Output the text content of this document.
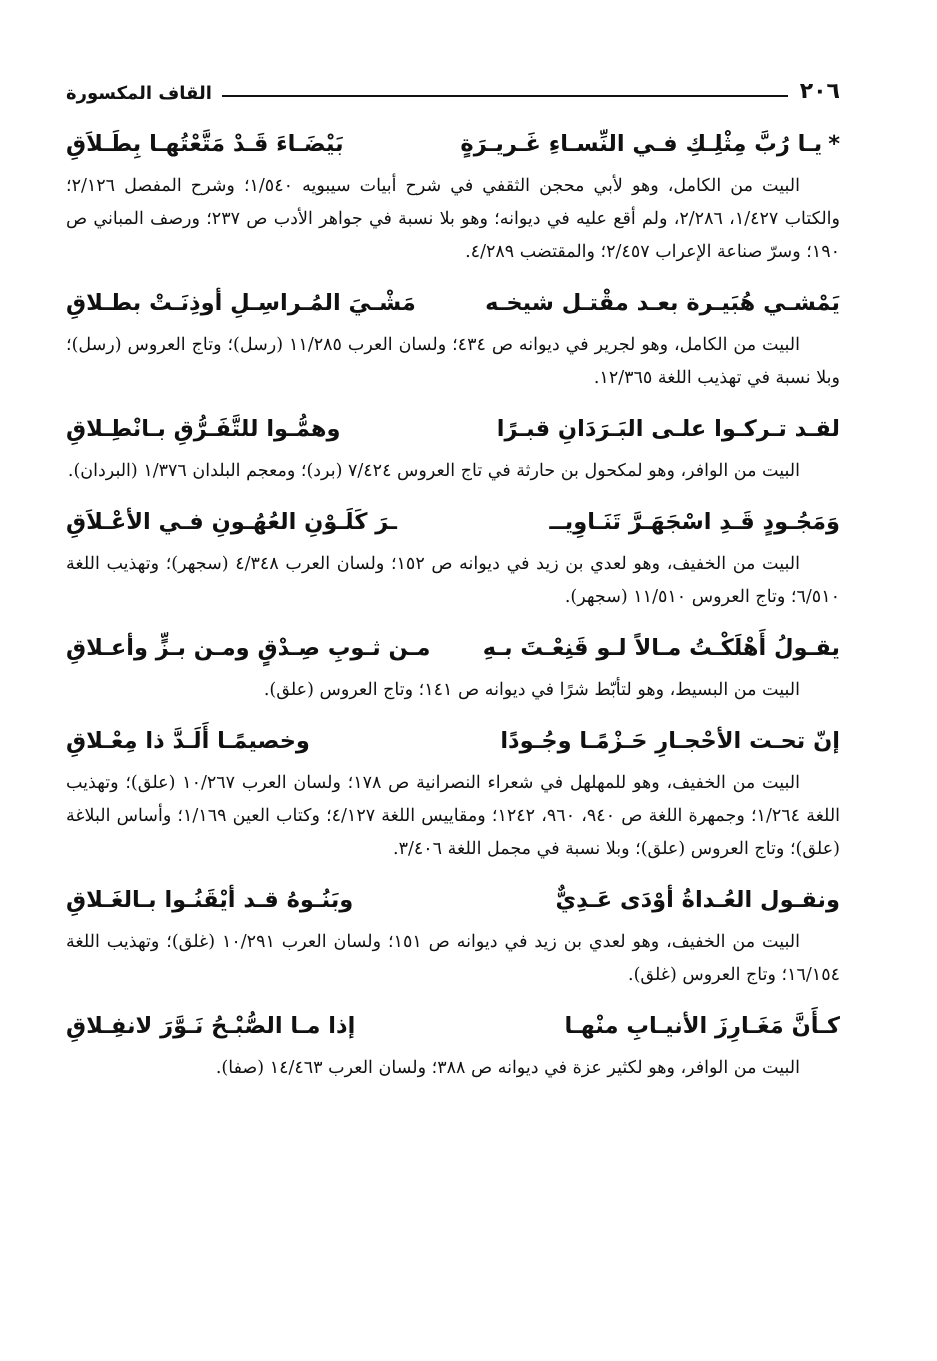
٢٠٦
القاف المكسورة
*يـا رُبَّ مِثْلِـكِ فـي النِّسـاءِ غَـريـرَةٍ
بَيْضَـاءَ قَـدْ مَتَّعْتُهـا بِطَـلاَقِ

البيت من الكامل، وهو لأبي محجن الثقفي في شرح أبيات سيبويه ١/٥٤٠؛ وشرح المفصل ٢/١٢٦؛ والكتاب ١/٤٢٧، ٢/٢٨٦، ولم أقع عليه في ديوانه؛ وهو بلا نسبة في جواهر الأدب ص ٢٣٧؛ ورصف المباني ص ١٩٠؛ وسرّ صناعة الإعراب ٢/٤٥٧؛ والمقتضب ٤/٢٨٩.

يَمْشـي هُبَيـرة بعـد مقْتـل شيخـه
مَشْـيَ المُـراسِـلِ أوذِنَـتْ بطـلاقِ

البيت من الكامل، وهو لجرير في ديوانه ص ٤٣٤؛ ولسان العرب ١١/٢٨٥ (رسل)؛ وتاج العروس (رسل)؛ وبلا نسبة في تهذيب اللغة ١٢/٣٦٥.

لقـد تـركـوا علـى البَـرَدَانِ قبـرًا
وهمُّـوا للتَّفَـرُّقِ بـانْطِـلاقِ

البيت من الوافر، وهو لمكحول بن حارثة في تاج العروس ٧/٤٢٤ (برد)؛ ومعجم البلدان ١/٣٧٦ (البردان).

وَمَجُـودٍ قَـدِ اسْجَهَـرَّ تَنَـاوِيــ
ـرَ كَلَـوْنِ العُهُـونِ فـي الأعْـلاَقِ

البيت من الخفيف، وهو لعدي بن زيد في ديوانه ص ١٥٢؛ ولسان العرب ٤/٣٤٨ (سجهر)؛ وتهذيب اللغة ٦/٥١٠؛ وتاج العروس ١١/٥١٠ (سجهر).

يقـولُ أَهْلَكْـتُ مـالاً لـو قَنِعْـتَ بـهِ
مـن ثـوبِ صِـدْقٍ ومـن بـزٍّ وأعـلاقِ

البيت من البسيط، وهو لتأبّط شرًا في ديوانه ص ١٤١؛ وتاج العروس (علق).

إنّ تحـت الأحْجـارِ حَـزْمًـا وجُـودًا
وخصيمًـا أَلَـدَّ ذا مِعْـلاقِ

البيت من الخفيف، وهو للمهلهل في شعراء النصرانية ص ١٧٨؛ ولسان العرب ١٠/٢٦٧ (علق)؛ وتهذيب اللغة ١/٢٦٤؛ وجمهرة اللغة ص ٩٤٠، ٩٦٠، ١٢٤٢؛ ومقاييس اللغة ٤/١٢٧؛ وكتاب العين ١/١٦٩؛ وأساس البلاغة (علق)؛ وتاج العروس (علق)؛ وبلا نسبة في مجمل اللغة ٣/٤٠٦.

ونقـول العُـداةُ أوْدَى عَـدِيٌّ
وبَنُـوهُ قـد أيْقَنُـوا بـالغَـلاقِ

البيت من الخفيف، وهو لعدي بن زيد في ديوانه ص ١٥١؛ ولسان العرب ١٠/٢٩١ (غلق)؛ وتهذيب اللغة ١٦/١٥٤؛ وتاج العروس (غلق).

كـأَنَّ مَغَـارِزَ الأنيـابِ منْهـا
إذا مـا الصُّبْـحُ نَـوَّرَ لانفِـلاقِ

البيت من الوافر، وهو لكثير عزة في ديوانه ص ٣٨٨؛ ولسان العرب ١٤/٤٦٣ (صفا).
